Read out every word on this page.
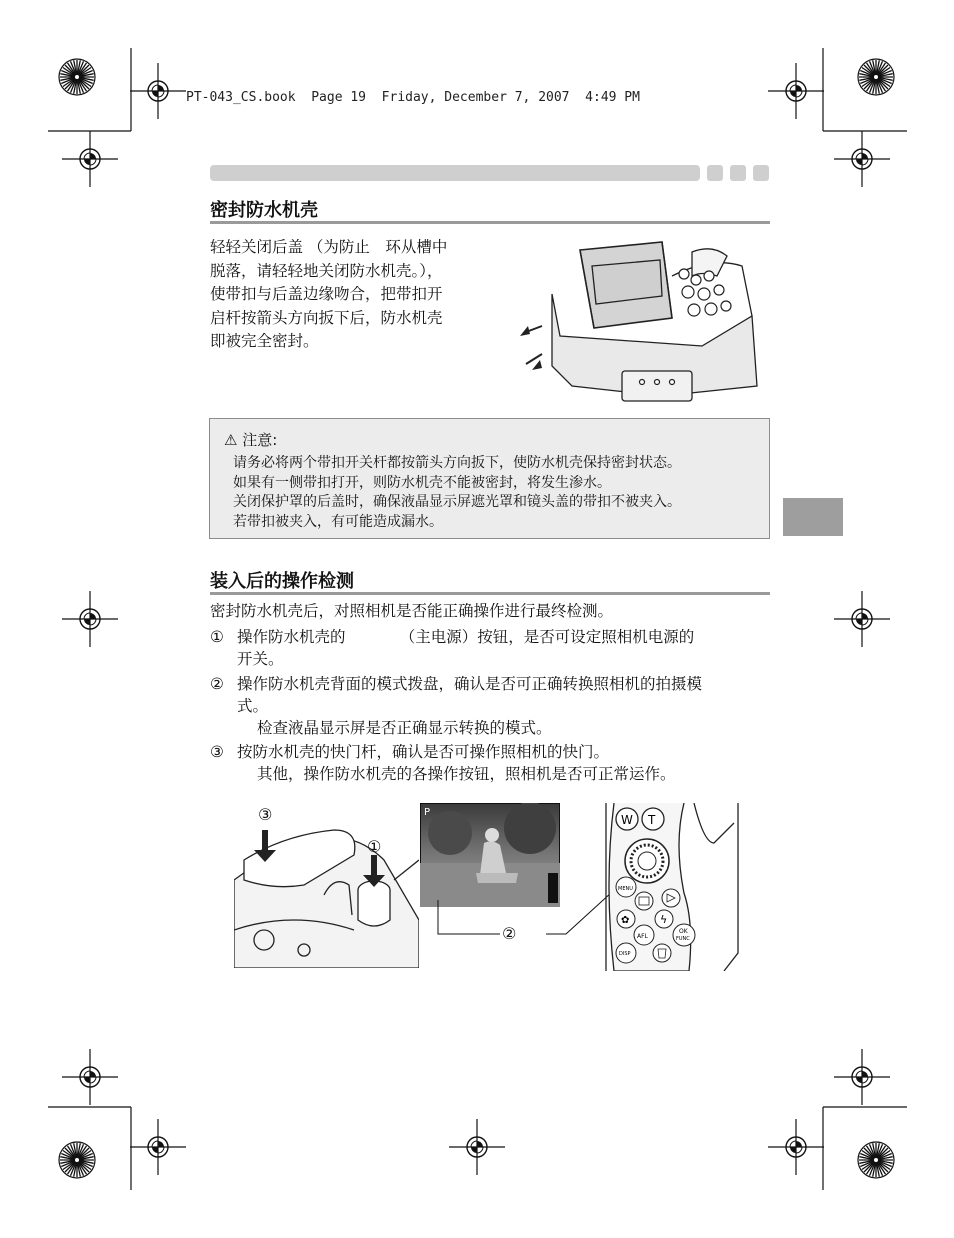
PT-043_CS.book  Page 19  Friday, December 7, 2007  4:49 PM
密封防水机壳
轻轻关闭后盖 （为防止　环从槽中
脱落，请轻轻地关闭防水机壳。），
使带扣与后盖边缘吻合，把带扣开
启杆按箭头方向扳下后，防水机壳
即被完全密封。
⚠ 注意:
请务必将两个带扣开关杆都按箭头方向扳下，使防水机壳保持密封状态。
如果有一侧带扣打开，则防水机壳不能被密封，将发生渗水。
关闭保护罩的后盖时，确保液晶显示屏遮光罩和镜头盖的带扣不被夹入。
若带扣被夹入，有可能造成漏水。
装入后的操作检测
密封防水机壳后，对照相机是否能正确操作进行最终检测。
① 操作防水机壳的　　　　（主电源）按钮，是否可设定照相机电源的
开关。
② 操作防水机壳背面的模式拨盘，确认是否可正确转换照相机的拍摄模
式。
检查液晶显示屏是否正确显示转换的模式。
③ 按防水机壳的快门杆，确认是否可操作照相机的快门。
其他，操作防水机壳的各操作按钮，照相机是否可正常运作。
③
①
P
②
W T
MENU
✿	ϟ
AFL
OK
FUNC
DISP
